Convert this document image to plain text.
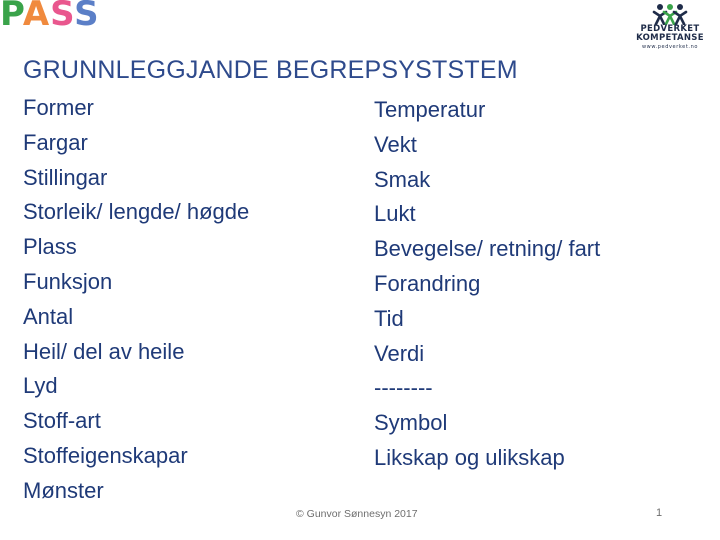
PASS	PEDVERKET
KOMPETANSE
www.pedverket.no
GRUNNLEGGJANDE BEGREPSYSTSTEM
Former
Fargar
Stillingar
Storleik/ lengde/ høgde
Plass
Funksjon
Antal
Heil/ del av heile
Lyd
Stoff-art
Stoffeigenskapar
Mønster
Temperatur
Vekt
Smak
Lukt
Bevegelse/ retning/ fart
Forandring
Tid
Verdi
--------
Symbol
Likskap og ulikskap
© Gunvor Sønnesyn 2017	1
